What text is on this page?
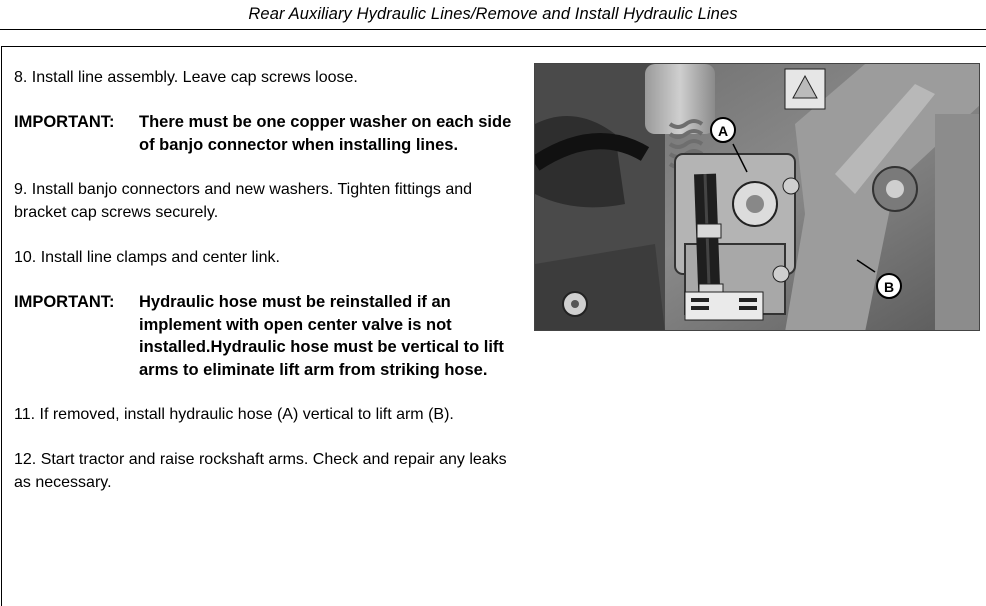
Rear Auxiliary Hydraulic Lines/Remove and Install Hydraulic Lines

8. Install line assembly. Leave cap screws loose.

IMPORTANT:	There must be one copper washer on each side of banjo connector when installing lines.

9. Install banjo connectors and new washers. Tighten fittings and bracket cap screws securely.

10. Install line clamps and center link.

IMPORTANT:	Hydraulic hose must be reinstalled if an implement with open center valve is not installed.Hydraulic hose must be vertical to lift arms to eliminate lift arm from striking hose.

11. If removed, install hydraulic hose (A) vertical to lift arm (B).

12. Start tractor and raise rockshaft arms. Check and repair any leaks as necessary.

A
B
